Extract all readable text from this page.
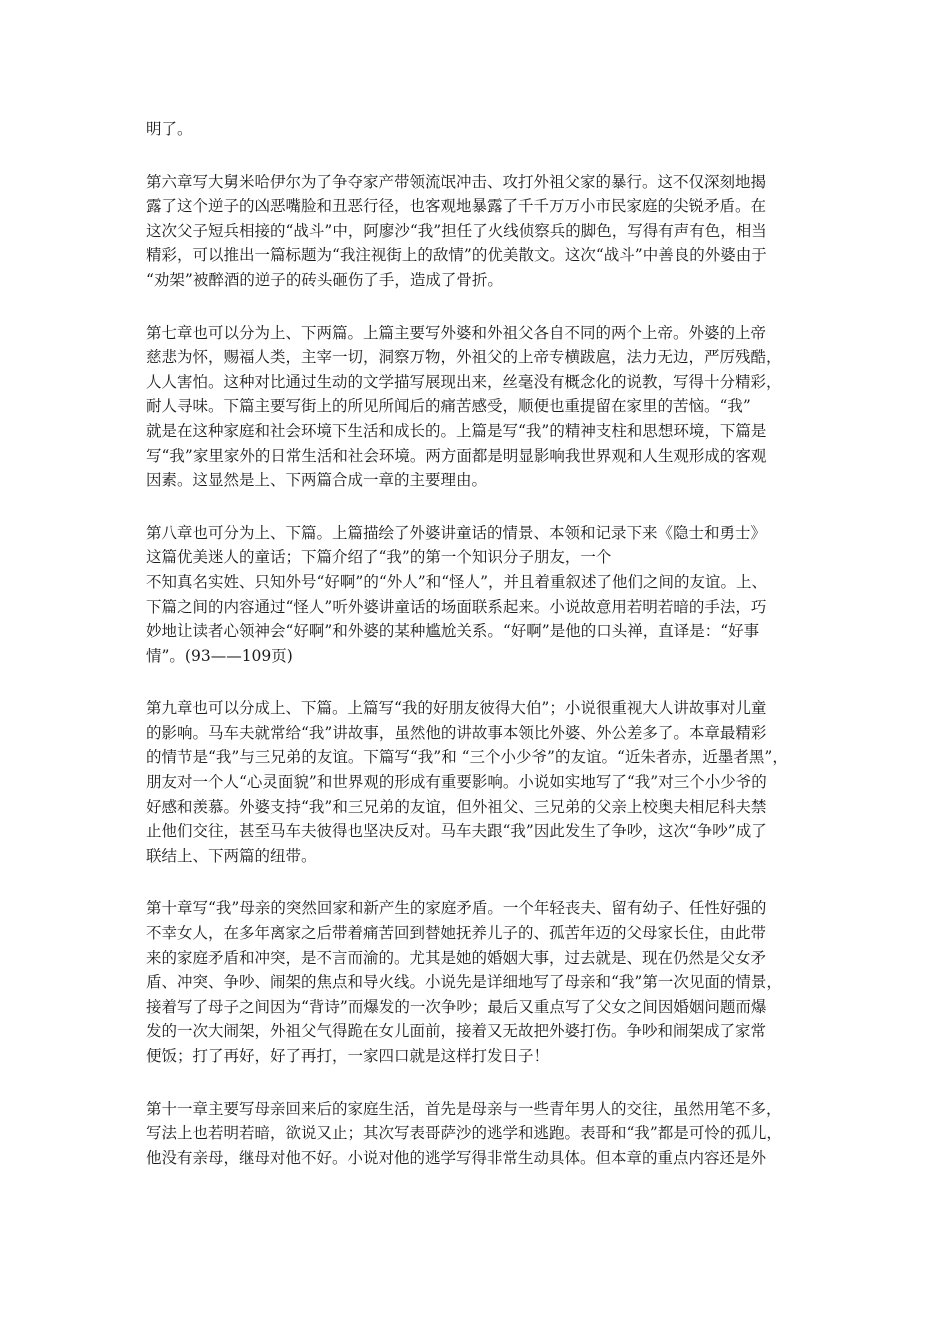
明了。
第六章写大舅米哈伊尔为了争夺家产带领流氓冲击、攻打外祖父家的暴行。这不仅深刻地揭
露了这个逆子的凶恶嘴脸和丑恶行径，也客观地暴露了千千万万小市民家庭的尖锐矛盾。在
这次父子短兵相接的“战斗”中，阿廖沙“我”担任了火线侦察兵的脚色，写得有声有色，相当
精彩，可以推出一篇标题为“我注视街上的敌情”的优美散文。这次“战斗”中善良的外婆由于
“劝架”被醉酒的逆子的砖头砸伤了手，造成了骨折。
第七章也可以分为上、下两篇。上篇主要写外婆和外祖父各自不同的两个上帝。外婆的上帝
慈悲为怀，赐福人类，主宰一切，洞察万物，外祖父的上帝专横跋扈，法力无边，严厉残酷，
人人害怕。这种对比通过生动的文学描写展现出来，丝毫没有概念化的说教，写得十分精彩，
耐人寻味。下篇主要写街上的所见所闻后的痛苦感受，顺便也重提留在家里的苦恼。“我”
就是在这种家庭和社会环境下生活和成长的。上篇是写“我”的精神支柱和思想环境，下篇是
写“我”家里家外的日常生活和社会环境。两方面都是明显影响我世界观和人生观形成的客观
因素。这显然是上、下两篇合成一章的主要理由。
第八章也可分为上、下篇。上篇描绘了外婆讲童话的情景、本领和记录下来《隐士和勇士》
这篇优美迷人的童话；下篇介绍了“我”的第一个知识分子朋友，一个
不知真名实姓、只知外号“好啊”的“外人”和“怪人”，并且着重叙述了他们之间的友谊。上、
下篇之间的内容通过“怪人”听外婆讲童话的场面联系起来。小说故意用若明若暗的手法，巧
妙地让读者心领神会“好啊”和外婆的某种尴尬关系。“好啊”是他的口头禅，直译是：“好事
情”。(93——109页)
第九章也可以分成上、下篇。上篇写“我的好朋友彼得大伯”；小说很重视大人讲故事对儿童
的影响。马车夫就常给“我”讲故事，虽然他的讲故事本领比外婆、外公差多了。本章最精彩
的情节是“我”与三兄弟的友谊。下篇写“我”和 “三个小少爷”的友谊。“近朱者赤，近墨者黑”，
朋友对一个人“心灵面貌”和世界观的形成有重要影响。小说如实地写了“我”对三个小少爷的
好感和羡慕。外婆支持“我”和三兄弟的友谊，但外祖父、三兄弟的父亲上校奥夫相尼科夫禁
止他们交往，甚至马车夫彼得也坚决反对。马车夫跟“我”因此发生了争吵，这次“争吵”成了
联结上、下两篇的纽带。
第十章写“我”母亲的突然回家和新产生的家庭矛盾。一个年轻丧夫、留有幼子、任性好强的
不幸女人，在多年离家之后带着痛苦回到替她抚养儿子的、孤苦年迈的父母家长住，由此带
来的家庭矛盾和冲突，是不言而渝的。尤其是她的婚姻大事，过去就是、现在仍然是父女矛
盾、冲突、争吵、闹架的焦点和导火线。小说先是详细地写了母亲和“我”第一次见面的情景，
接着写了母子之间因为“背诗”而爆发的一次争吵；最后又重点写了父女之间因婚姻问题而爆
发的一次大闹架，外祖父气得跪在女儿面前，接着又无故把外婆打伤。争吵和闹架成了家常
便饭；打了再好，好了再打，一家四口就是这样打发日子！
第十一章主要写母亲回来后的家庭生活，首先是母亲与一些青年男人的交往，虽然用笔不多，
写法上也若明若暗，欲说又止；其次写表哥萨沙的逃学和逃跑。表哥和“我”都是可怜的孤儿，
他没有亲母，继母对他不好。小说对他的逃学写得非常生动具体。但本章的重点内容还是外
